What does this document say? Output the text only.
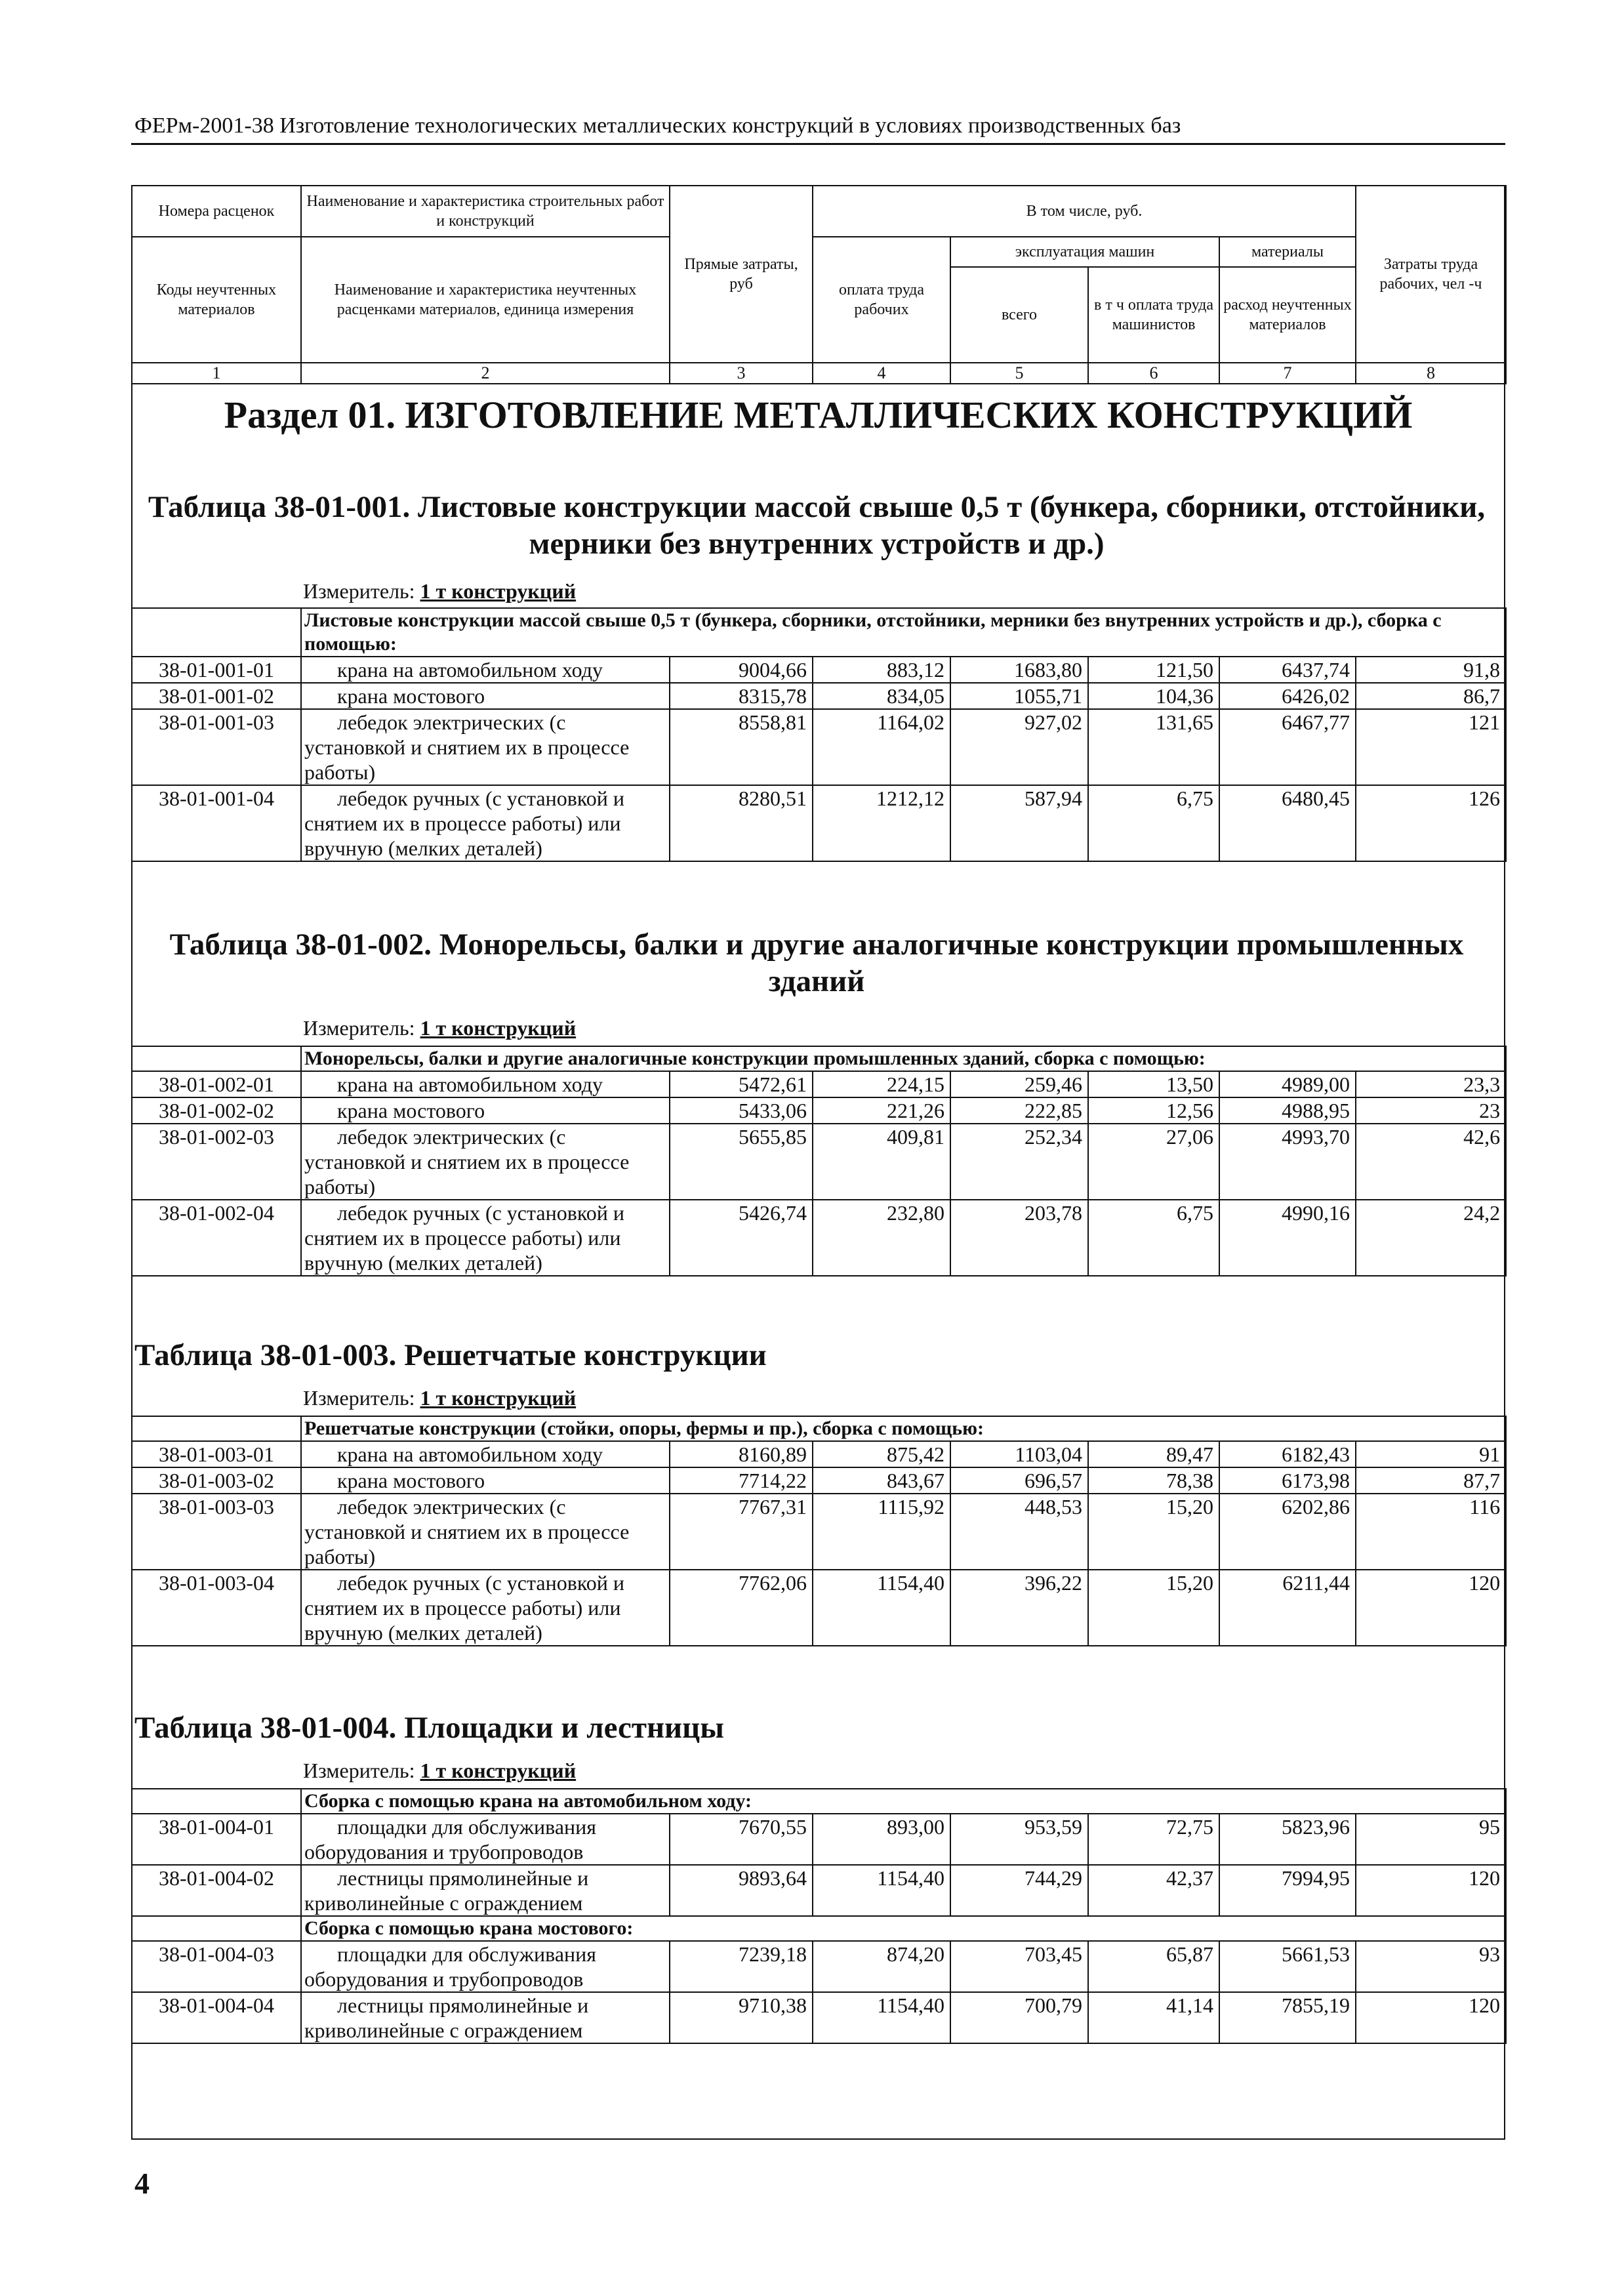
ФЕРм-2001-38 Изготовление технологических металлических конструкций в условиях производственных баз
Номера расценок	Наименование и характеристика строительных работ и конструкций	Прямые затраты, руб	В том числе, руб.				Затраты труда рабочих, чел -ч
Коды неучтенных материалов	Наименование и характеристика неучтенных расценками материалов, единица измерения		оплата труда рабочих	эксплуатация машин		материалы	
				всего	в т ч оплата труда машинистов	расход неучтенных материалов	
1	2	3	4	5	6	7	8
Раздел 01. ИЗГОТОВЛЕНИЕ МЕТАЛЛИЧЕСКИХ КОНСТРУКЦИЙ
Таблица 38-01-001. Листовые конструкции массой свыше 0,5 т (бункера, сборники, отстойники, мерники без внутренних устройств и др.)
Измеритель: 1 т конструкций
	Листовые конструкции массой свыше 0,5 т (бункера, сборники, отстойники, мерники без внутренних устройств и др.), сборка с помощью:						
38-01-001-01	крана на автомобильном ходу	9004,66	883,12	1683,80	121,50	6437,74	91,8
38-01-001-02	крана мостового	8315,78	834,05	1055,71	104,36	6426,02	86,7
38-01-001-03	лебедок электрических (с установкой и снятием их в процессе работы)	8558,81	1164,02	927,02	131,65	6467,77	121
38-01-001-04	лебедок ручных (с установкой и снятием их в процессе работы) или вручную (мелких деталей)	8280,51	1212,12	587,94	6,75	6480,45	126
Таблица 38-01-002. Монорельсы, балки и другие аналогичные конструкции промышленных зданий
Измеритель: 1 т конструкций
	Монорельсы, балки и другие аналогичные конструкции промышленных зданий, сборка с помощью:						
38-01-002-01	крана на автомобильном ходу	5472,61	224,15	259,46	13,50	4989,00	23,3
38-01-002-02	крана мостового	5433,06	221,26	222,85	12,56	4988,95	23
38-01-002-03	лебедок электрических (с установкой и снятием их в процессе работы)	5655,85	409,81	252,34	27,06	4993,70	42,6
38-01-002-04	лебедок ручных (с установкой и снятием их в процессе работы) или вручную (мелких деталей)	5426,74	232,80	203,78	6,75	4990,16	24,2
Таблица 38-01-003. Решетчатые конструкции
Измеритель: 1 т конструкций
	Решетчатые конструкции (стойки, опоры, фермы и пр.), сборка с помощью:						
38-01-003-01	крана на автомобильном ходу	8160,89	875,42	1103,04	89,47	6182,43	91
38-01-003-02	крана мостового	7714,22	843,67	696,57	78,38	6173,98	87,7
38-01-003-03	лебедок электрических (с установкой и снятием их в процессе работы)	7767,31	1115,92	448,53	15,20	6202,86	116
38-01-003-04	лебедок ручных (с установкой и снятием их в процессе работы) или вручную (мелких деталей)	7762,06	1154,40	396,22	15,20	6211,44	120
Таблица 38-01-004. Площадки и лестницы
Измеритель: 1 т конструкций
	Сборка с помощью крана на автомобильном ходу:						
38-01-004-01	площадки для обслуживания оборудования и трубопроводов	7670,55	893,00	953,59	72,75	5823,96	95
38-01-004-02	лестницы прямолинейные и криволинейные с ограждением	9893,64	1154,40	744,29	42,37	7994,95	120
	Сборка с помощью крана мостового:						
38-01-004-03	площадки для обслуживания оборудования и трубопроводов	7239,18	874,20	703,45	65,87	5661,53	93
38-01-004-04	лестницы прямолинейные и криволинейные с ограждением	9710,38	1154,40	700,79	41,14	7855,19	120
4
